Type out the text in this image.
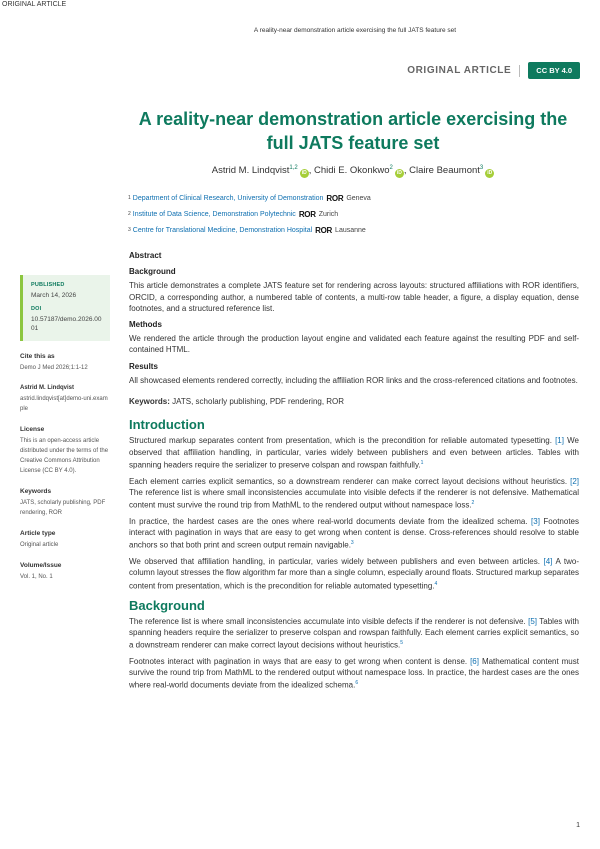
ORIGINAL ARTICLE
A reality-near demonstration article exercising the full JATS feature set
ORIGINAL ARTICLE	CC BY 4.0
A reality-near demonstration article exercising the full JATS feature set
Astrid M. Lindqvist$^{1,2}$iD , Chidi E. Okonkwo$^2$iD , Claire Beaumont$^3$iD
1 Department of Clinical Research, University of Demonstration ROR Geneva
2 Institute of Data Science, Demonstration Polytechnic ROR Zurich
3 Centre for Translational Medicine, Demonstration Hospital ROR Lausanne
PUBLISHED
March 14, 2026
DOI
10.57187/demo.2026.0001
Cite this as
Demo J Med 2026;1:1-12
Astrid M. Lindqvist
astrid.lindqvist[at]demo-uni.example
License
This is an open-access article distributed under the terms of the Creative Commons Attribution License (CC BY 4.0).
Keywords
JATS, scholarly publishing, PDF rendering, ROR
Article type
Original article
Volume/Issue
Vol. 1, No. 1
Abstract
Background

This article demonstrates a complete JATS feature set for rendering across layouts: structured affiliations with ROR identifiers, ORCID, a corresponding author, a numbered table of contents, a multi-row table header, a figure, a display equation, dense footnotes, and a structured reference list.

Methods

We rendered the article through the production layout engine and validated each feature against the resulting PDF and self-contained HTML.

Results

All showcased elements rendered correctly, including the affiliation ROR links and the cross-referenced citations and footnotes.

Keywords: JATS, scholarly publishing, PDF rendering, ROR

Introduction

Structured markup separates content from presentation, which is the precondition for reliable automated typesetting. [1] We observed that affiliation handling, in particular, varies widely between publishers and even between articles. Tables with spanning headers require the serializer to preserve colspan and rowspan faithfully.$^1$

Each element carries explicit semantics, so a downstream renderer can make correct layout decisions without heuristics. [2] The reference list is where small inconsistencies accumulate into visible defects if the renderer is not defensive. Mathematical content must survive the round trip from MathML to the rendered output without namespace loss.$^2$

In practice, the hardest cases are the ones where real-world documents deviate from the idealized schema. [3] Footnotes interact with pagination in ways that are easy to get wrong when content is dense. Cross-references should resolve to stable anchors so that both print and screen output remain navigable.$^3$

We observed that affiliation handling, in particular, varies widely between publishers and even between articles. [4] A two-column layout stresses the flow algorithm far more than a single column, especially around floats. Structured markup separates content from presentation, which is the precondition for reliable automated typesetting.$^4$

Background

The reference list is where small inconsistencies accumulate into visible defects if the renderer is not defensive. [5] Tables with spanning headers require the serializer to preserve colspan and rowspan faithfully. Each element carries explicit semantics, so a downstream renderer can make correct layout decisions without heuristics.$^5$

Footnotes interact with pagination in ways that are easy to get wrong when content is dense. [6] Mathematical content must survive the round trip from MathML to the rendered output without namespace loss. In practice, the hardest cases are the ones where real-world documents deviate from the idealized schema.$^6$

1
